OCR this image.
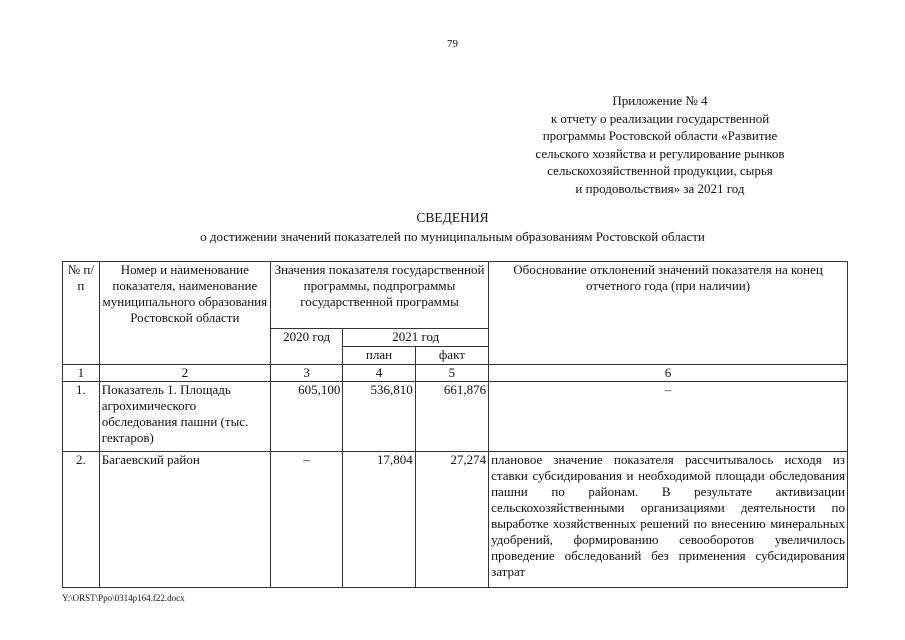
79
Приложение № 4
к отчету о реализации государственной
программы Ростовской области «Развитие
сельского хозяйства и регулирование рынков
сельскохозяйственной продукции, сырья
и продовольствия» за 2021 год
СВЕДЕНИЯ
о достижении значений показателей по муниципальным образованиям Ростовской области
№ п/п	Номер и наименование показателя, наименование муниципального образования Ростовской области	Значения показателя государственной программы, подпрограммы государственной программы			Обоснование отклонений значений показателя на конец отчетного года (при наличии)
		2020 год	2021 год		
			план	факт	
1	2	3	4	5	6
1.	Показатель 1. Площадь агрохимического обследования пашни (тыс. гектаров)	605,100	536,810	661,876	–
2.	Багаевский район	–	17,804	27,274	плановое значение показателя рассчитывалось исходя из ставки субсидирования и необходимой площади обследования пашни по районам. В результате активизации сельскохозяйственными организациями деятельности по выработке хозяйственных решений по внесению минеральных удобрений, формированию севооборотов увеличилось проведение обследований без применения субсидирования затрат
Y:\ORST\Ppo\0314p164.f22.docx
